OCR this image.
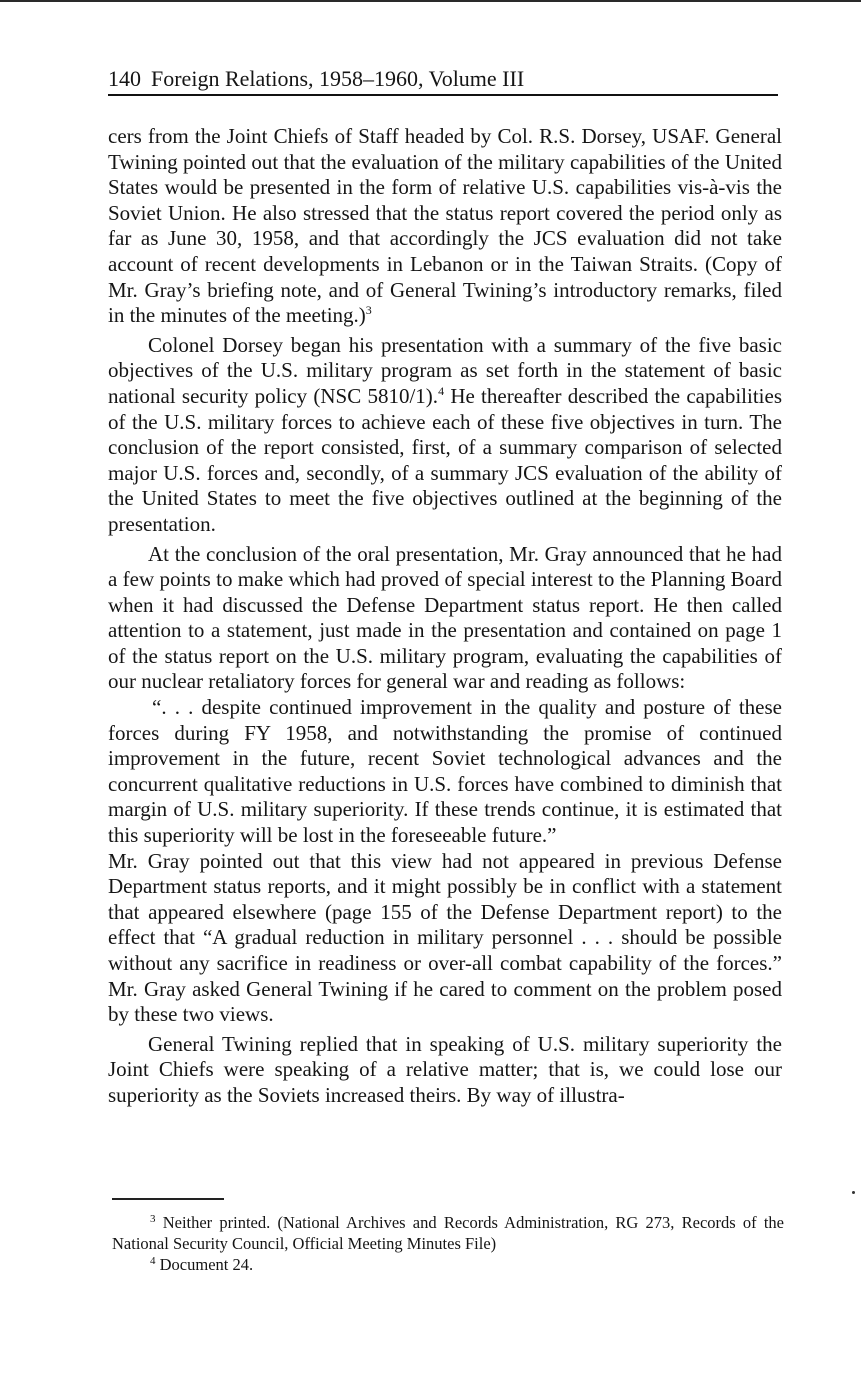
140 Foreign Relations, 1958–1960, Volume III

cers from the Joint Chiefs of Staff headed by Col. R.S. Dorsey, USAF. General Twining pointed out that the evaluation of the military capabilities of the United States would be presented in the form of relative U.S. capabilities vis-à-vis the Soviet Union. He also stressed that the status report covered the period only as far as June 30, 1958, and that accordingly the JCS evaluation did not take account of recent developments in Lebanon or in the Taiwan Straits. (Copy of Mr. Gray’s briefing note, and of General Twining’s introductory remarks, filed in the minutes of the meeting.)$^3$

Colonel Dorsey began his presentation with a summary of the five basic objectives of the U.S. military program as set forth in the statement of basic national security policy (NSC 5810/1).$^4$ He thereafter described the capabilities of the U.S. military forces to achieve each of these five objectives in turn. The conclusion of the report consisted, first, of a summary comparison of selected major U.S. forces and, secondly, of a summary JCS evaluation of the ability of the United States to meet the five objectives outlined at the beginning of the presentation.

At the conclusion of the oral presentation, Mr. Gray announced that he had a few points to make which had proved of special interest to the Planning Board when it had discussed the Defense Department status report. He then called attention to a statement, just made in the presentation and contained on page 1 of the status report on the U.S. military program, evaluating the capabilities of our nuclear retaliatory forces for general war and reading as follows:

“. . . despite continued improvement in the quality and posture of these forces during FY 1958, and notwithstanding the promise of continued improvement in the future, recent Soviet technological advances and the concurrent qualitative reductions in U.S. forces have combined to diminish that margin of U.S. military superiority. If these trends continue, it is estimated that this superiority will be lost in the foreseeable future.”

Mr. Gray pointed out that this view had not appeared in previous Defense Department status reports, and it might possibly be in conflict with a statement that appeared elsewhere (page 155 of the Defense Department report) to the effect that “A gradual reduction in military personnel . . . should be possible without any sacrifice in readiness or over-all combat capability of the forces.” Mr. Gray asked General Twining if he cared to comment on the problem posed by these two views.

General Twining replied that in speaking of U.S. military superiority the Joint Chiefs were speaking of a relative matter; that is, we could lose our superiority as the Soviets increased theirs. By way of illustra-

$^3$ Neither printed. (National Archives and Records Administration, RG 273, Records of the National Security Council, Official Meeting Minutes File)

$^4$ Document 24.
